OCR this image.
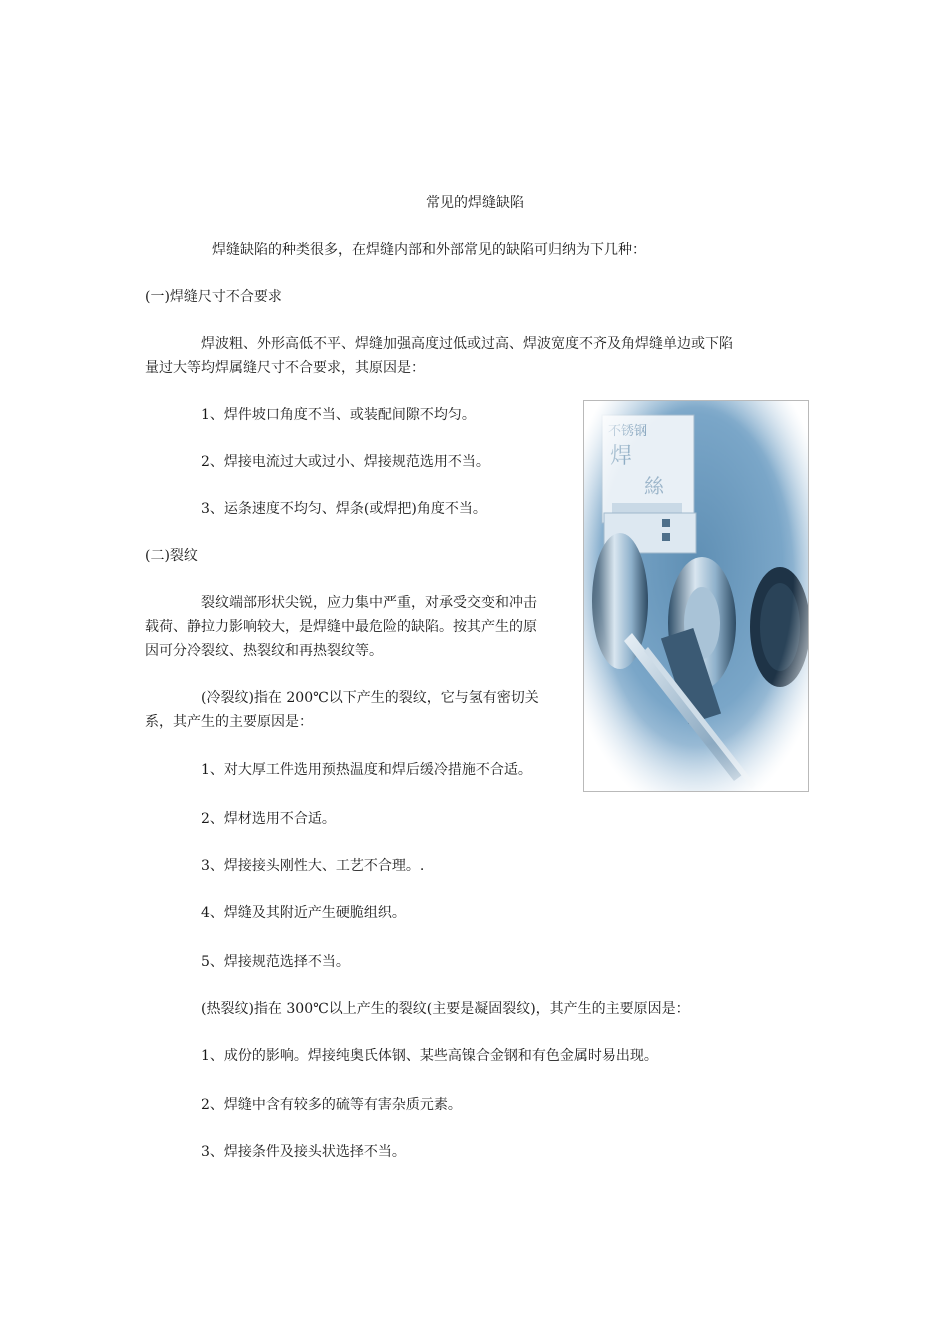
常见的焊缝缺陷
焊缝缺陷的种类很多，在焊缝内部和外部常见的缺陷可归纳为下几种：
(一)焊缝尺寸不合要求
焊波粗、外形高低不平、焊缝加强高度过低或过高、焊波宽度不齐及角焊缝单边或下陷
量过大等均焊属缝尺寸不合要求，其原因是：
1、焊件坡口角度不当、或装配间隙不均匀。
2、焊接电流过大或过小、焊接规范选用不当。
3、运条速度不均匀、焊条(或焊把)角度不当。
(二)裂纹
裂纹端部形状尖锐，应力集中严重，对承受交变和冲击
载荷、静拉力影响较大，是焊缝中最危险的缺陷。按其产生的原
因可分冷裂纹、热裂纹和再热裂纹等。
(冷裂纹)指在 200℃以下产生的裂纹，它与氢有密切关
系，其产生的主要原因是：
1、对大厚工件选用预热温度和焊后缓冷措施不合适。
2、焊材选用不合适。
3、焊接接头刚性大、工艺不合理。.
4、焊缝及其附近产生硬脆组织。
5、焊接规范选择不当。
(热裂纹)指在 300℃以上产生的裂纹(主要是凝固裂纹)，其产生的主要原因是：
1、成份的影响。焊接纯奥氏体钢、某些高镍合金钢和有色金属时易出现。
2、焊缝中含有较多的硫等有害杂质元素。
3、焊接条件及接头状选择不当。
